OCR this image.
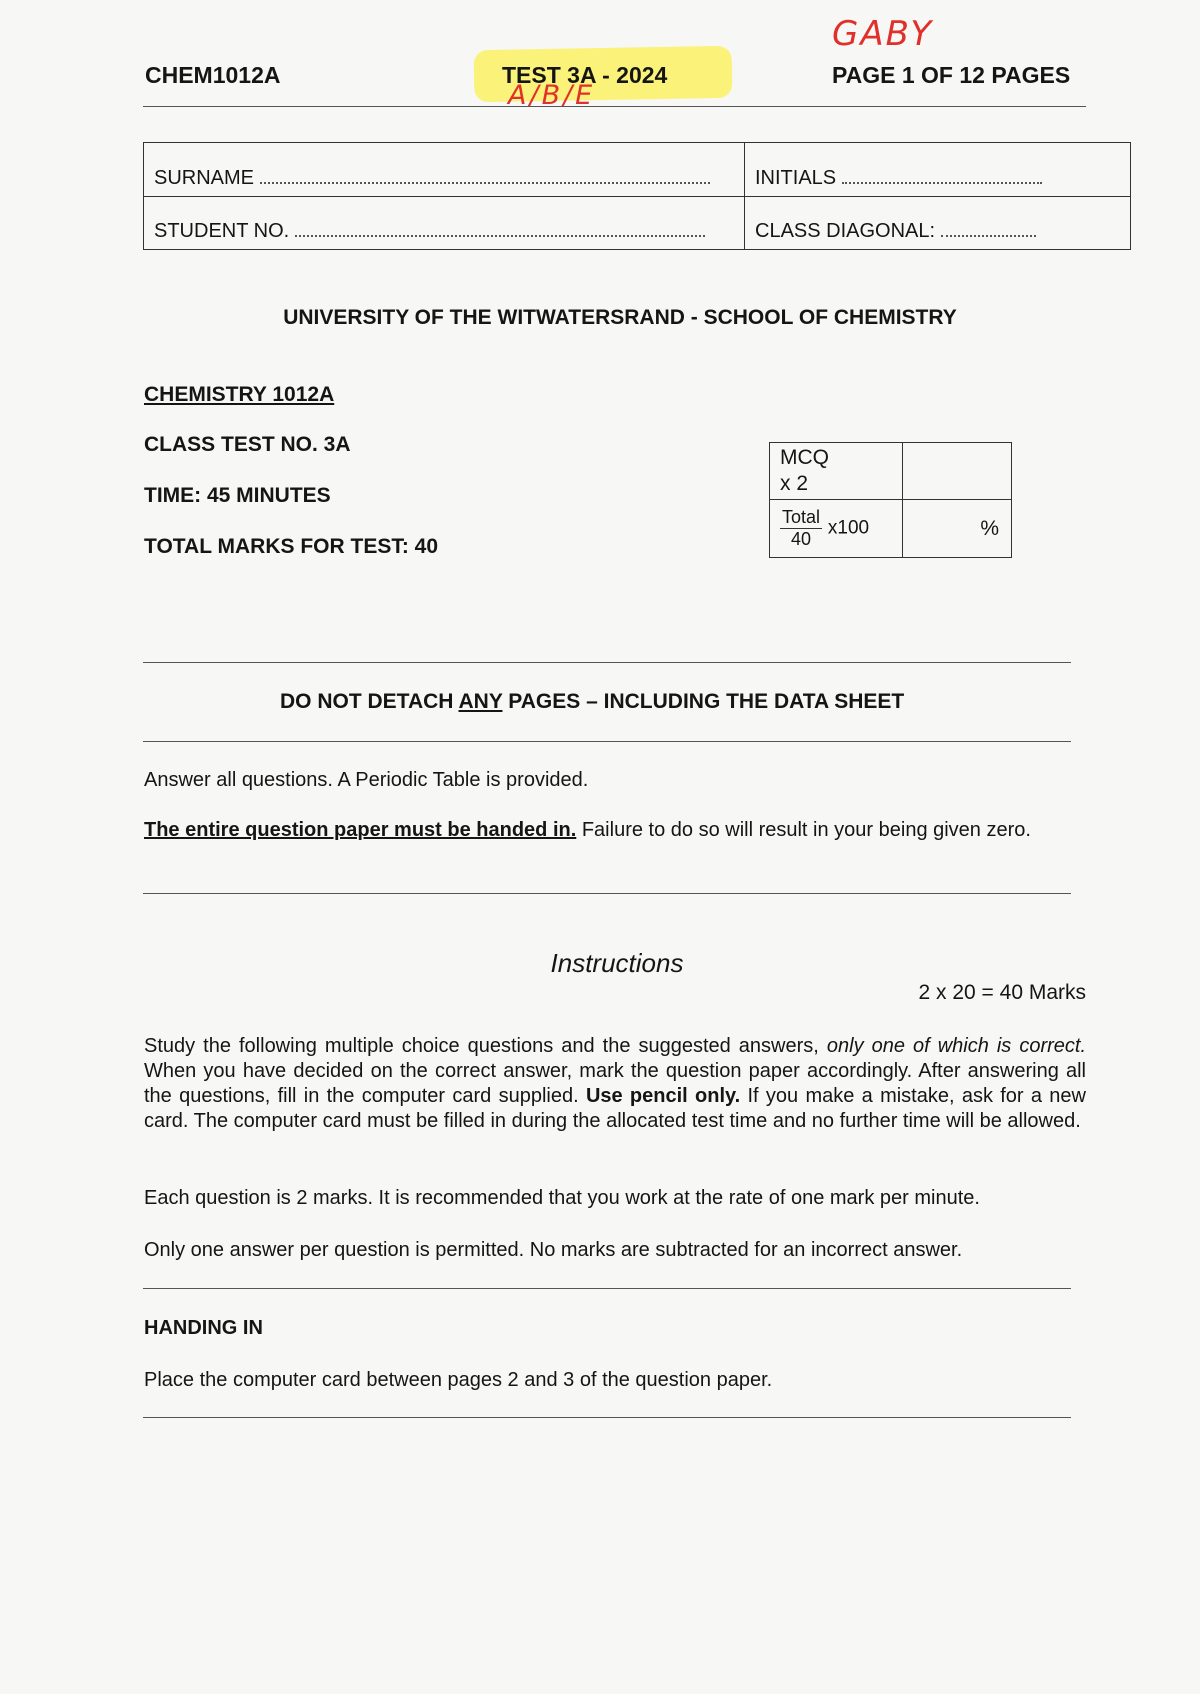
CHEM1012A	TEST 3A - 2024	PAGE 1 OF 12 PAGES
GABY
A/B/E
SURNAME	INITIALS
STUDENT NO.	CLASS DIAGONAL:
UNIVERSITY OF THE WITWATERSRAND - SCHOOL OF CHEMISTRY
CHEMISTRY 1012A
CLASS TEST NO. 3A
TIME: 45 MINUTES
TOTAL MARKS FOR TEST: 40
MCQ
x 2	

$\frac{\text{Total}}{40} x100$	%
DO NOT DETACH ANY PAGES – INCLUDING THE DATA SHEET
Answer all questions. A Periodic Table is provided.
The entire question paper must be handed in. Failure to do so will result in your being given zero.
Instructions
2 x 20 = 40 Marks
Study the following multiple choice questions and the suggested answers, only one of which is correct. When you have decided on the correct answer, mark the question paper accordingly. After answering all the questions, fill in the computer card supplied. Use pencil only. If you make a mistake, ask for a new card. The computer card must be filled in during the allocated test time and no further time will be allowed.
Each question is 2 marks. It is recommended that you work at the rate of one mark per minute.
Only one answer per question is permitted. No marks are subtracted for an incorrect answer.
HANDING IN
Place the computer card between pages 2 and 3 of the question paper.
